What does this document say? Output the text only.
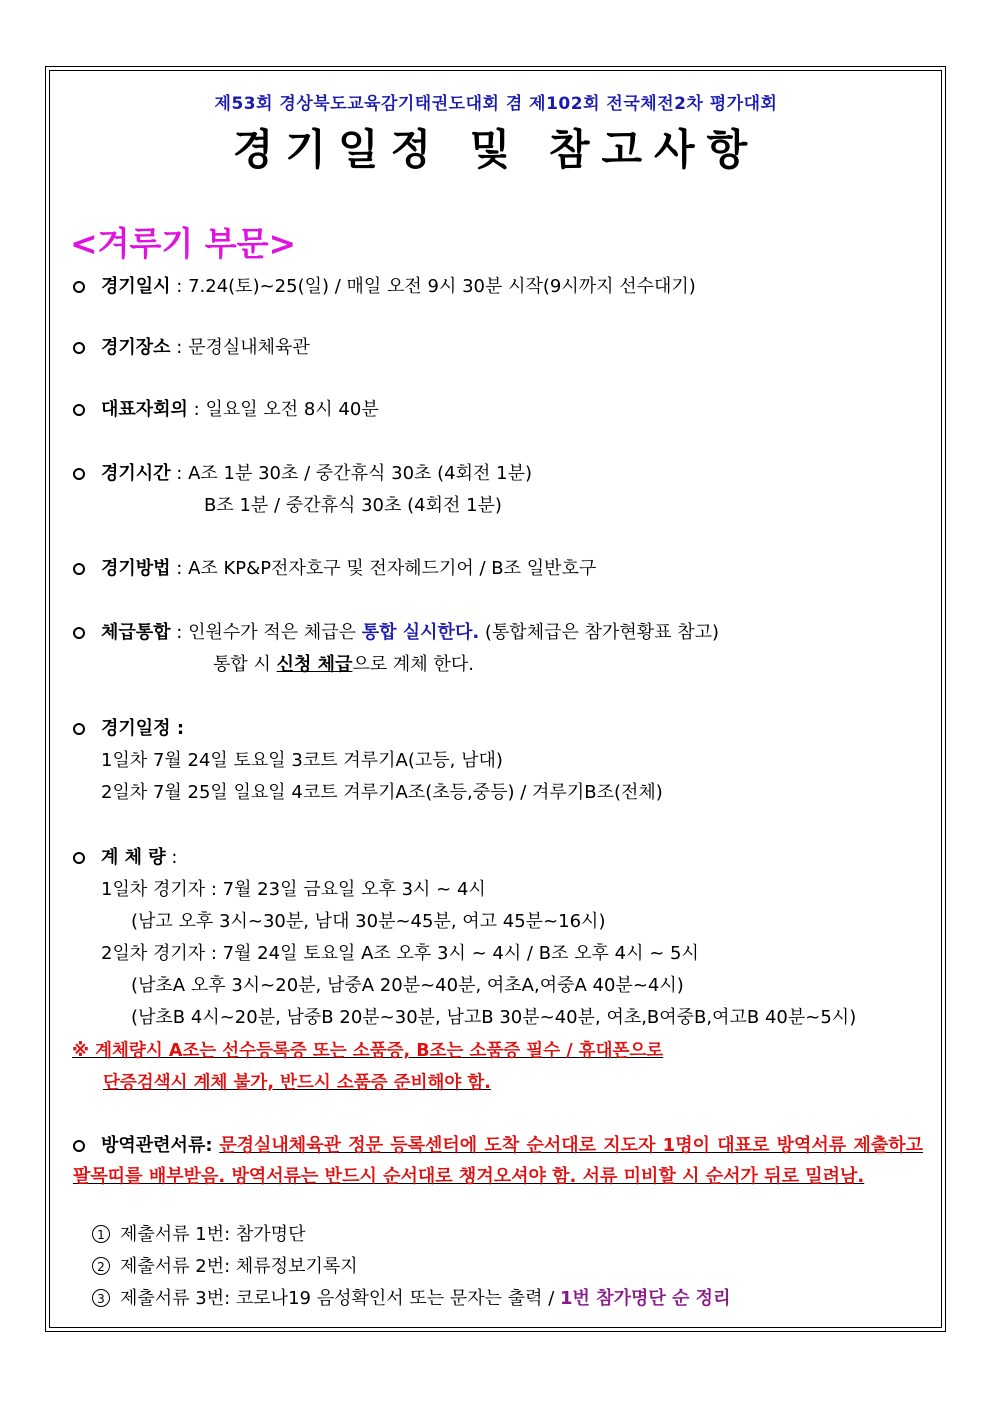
제53회 경상북도교육감기태권도대회 겸 제102회 전국체전2차 평가대회
경기일정 및 참고사항
<겨루기 부문>
경기일시 : 7.24(토)~25(일) / 매일 오전 9시 30분 시작(9시까지 선수대기)
경기장소 : 문경실내체육관
대표자회의 : 일요일 오전 8시 40분
경기시간 : A조 1분 30초 / 중간휴식 30초 (4회전 1분)
B조 1분 / 중간휴식 30초 (4회전 1분)
경기방법 : A조 KP&P전자호구 및 전자헤드기어 / B조 일반호구
체급통합 : 인원수가 적은 체급은 통합 실시한다. (통합체급은 참가현황표 참고)
통합 시 신청 체급으로 계체 한다.
경기일정 :
1일차 7월 24일 토요일 3코트 겨루기A(고등, 남대)
2일차 7월 25일 일요일 4코트 겨루기A조(초등,중등) / 겨루기B조(전체)
계 체 량 :
1일차 경기자 : 7월 23일 금요일 오후 3시 ~ 4시
(남고 오후 3시~30분, 남대 30분~45분, 여고 45분~16시)
2일차 경기자 : 7월 24일 토요일 A조 오후 3시 ~ 4시 / B조 오후 4시 ~ 5시
(남초A 오후 3시~20분, 남중A 20분~40분, 여초A,여중A 40분~4시)
(남초B 4시~20분, 남중B 20분~30분, 남고B 30분~40분, 여초,B여중B,여고B 40분~5시)
※ 계체량시 A조는 선수등록증 또는 소품증, B조는 소품증 필수 / 휴대폰으로
단증검색시 계체 불가, 반드시 소품증 준비해야 함.
방역관련서류: 문경실내체육관 정문 등록센터에 도착 순서대로 지도자 1명이 대표로 방역서류 제출하고 팔목띠를 배부받음. 방역서류는 반드시 순서대로 챙겨오셔야 함. 서류 미비할 시 순서가 뒤로 밀려남.
1 제출서류 1번: 참가명단
2 제출서류 2번: 체류정보기록지
3 제출서류 3번: 코로나19 음성확인서 또는 문자는 출력 / 1번 참가명단 순 정리
